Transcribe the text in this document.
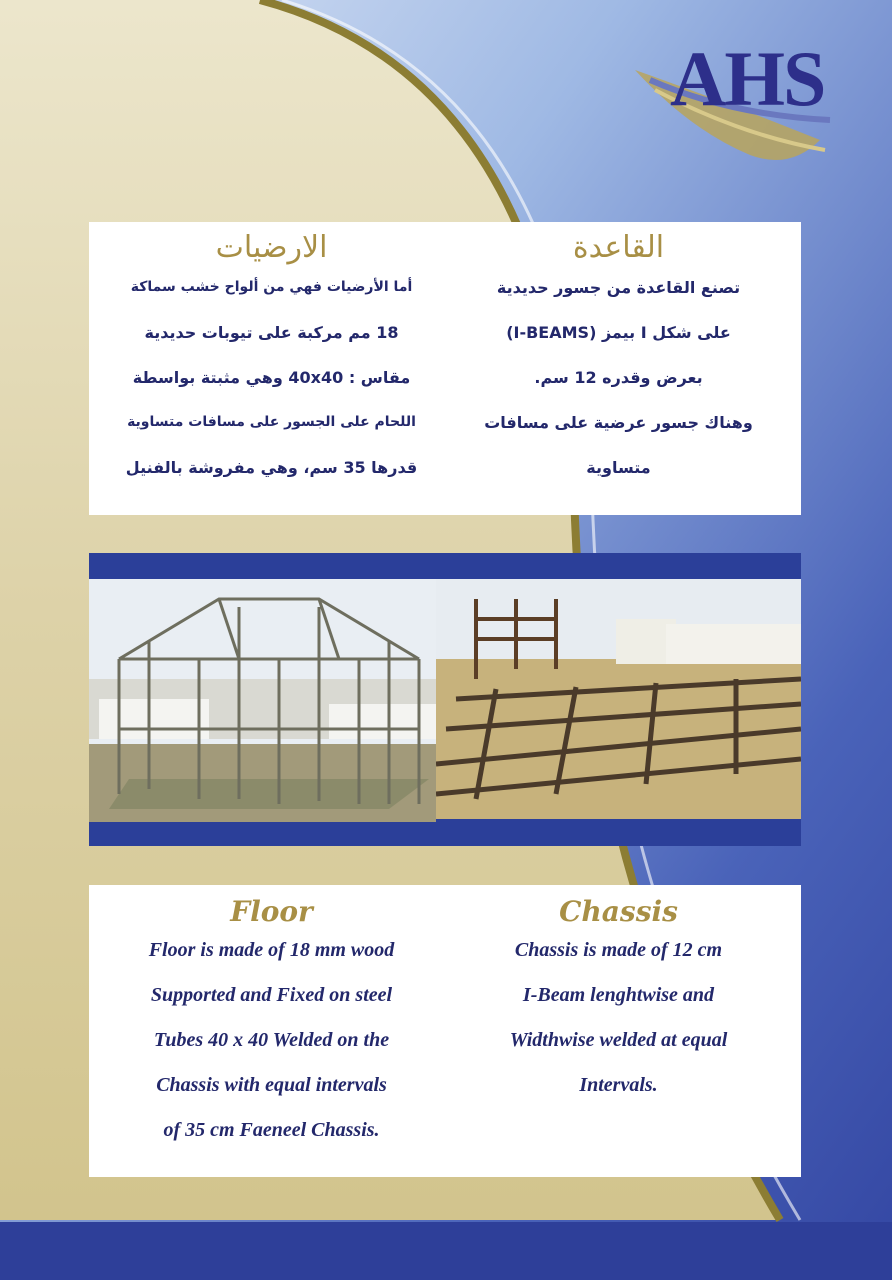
AHS
القاعدة

تصنع القاعدة من جسور حديدية

على شكل I بيمز (I-BEAMS)

بعرض وقدره 12 سم.

وهناك جسور عرضية على مسافات

متساوية

الارضيات

أما الأرضيات فهي من ألواح خشب سماكة

18 مم مركبة على تيوبات حديدية

مقاس : 40x40 وهي مثبتة بواسطة

اللحام على الجسور على مسافات متساوية

قدرها 35 سم، وهي مفروشة بالفنيل

Floor

Floor is made of 18 mm wood

Supported and Fixed on steel

Tubes 40 x 40 Welded on the

Chassis with equal intervals

of 35 cm Faenеel Chassis.

Chassis

Chassis is made of 12 cm

I-Beam lenghtwise and

Widthwise welded at equal

Intervals.
